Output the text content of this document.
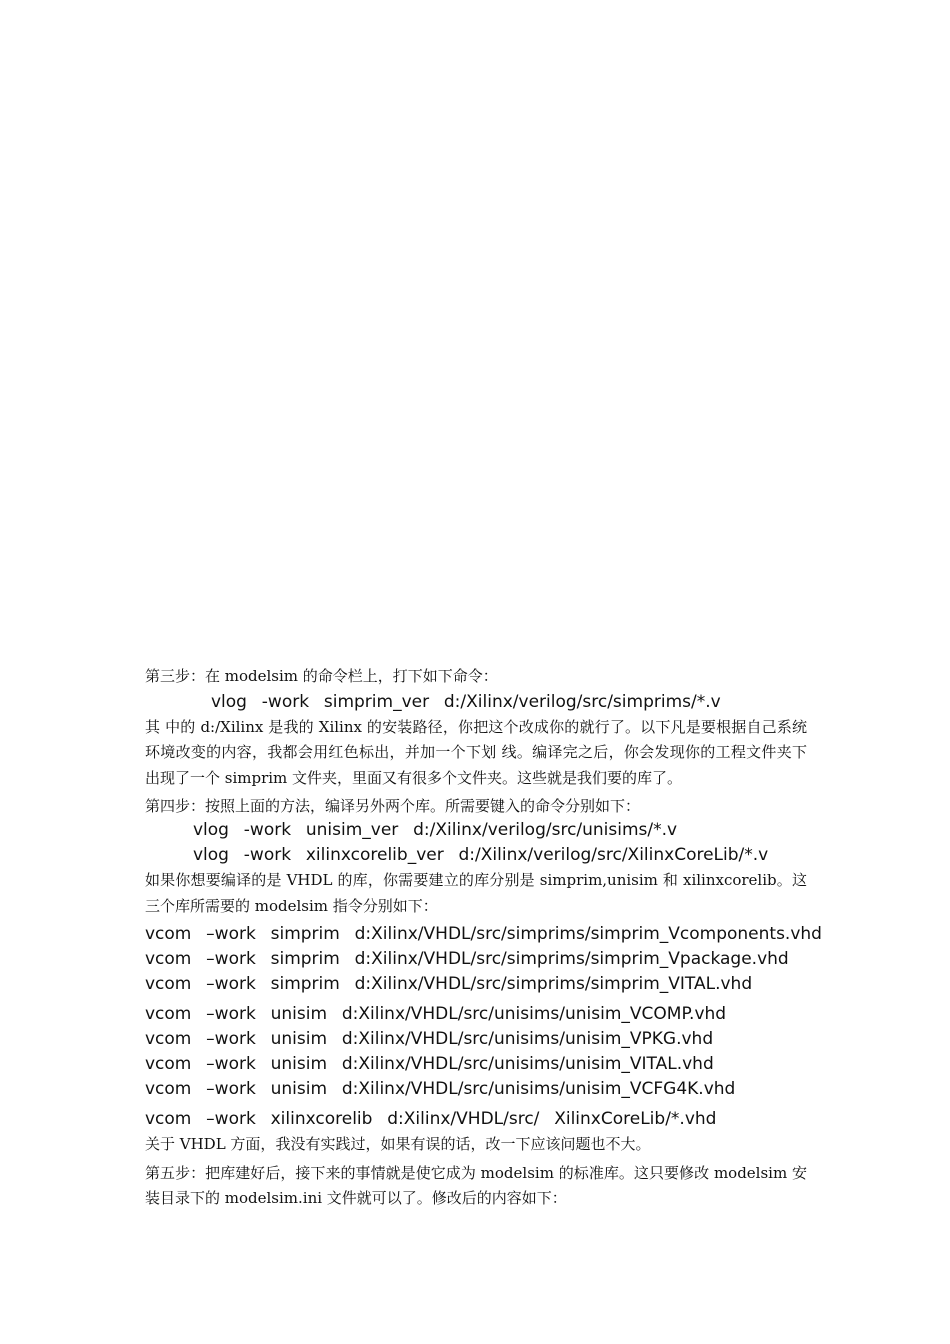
第三步：在 modelsim 的命令栏上，打下如下命令：

vlog  -work  simprim_ver  d:/Xilinx/verilog/src/simprims/*.v

其 中的 d:/Xilinx 是我的 Xilinx 的安装路径，你把这个改成你的就行了。以下凡是要根据自己系统环境改变的内容，我都会用红色标出，并加一个下划 线。编译完之后，你会发现你的工程文件夹下出现了一个 simprim 文件夹，里面又有很多个文件夹。这些就是我们要的库了。

第四步：按照上面的方法，编译另外两个库。所需要键入的命令分别如下：

vlog  -work  unisim_ver  d:/Xilinx/verilog/src/unisims/*.v

vlog  -work  xilinxcorelib_ver  d:/Xilinx/verilog/src/XilinxCoreLib/*.v

如果你想要编译的是 VHDL 的库，你需要建立的库分别是 simprim,unisim 和 xilinxcorelib。这三个库所需要的 modelsim 指令分别如下：

vcom  –work  simprim  d:Xilinx/VHDL/src/simprims/simprim_Vcomponents.vhd

vcom  –work  simprim  d:Xilinx/VHDL/src/simprims/simprim_Vpackage.vhd

vcom  –work  simprim  d:Xilinx/VHDL/src/simprims/simprim_VITAL.vhd

vcom  –work  unisim  d:Xilinx/VHDL/src/unisims/unisim_VCOMP.vhd

vcom  –work  unisim  d:Xilinx/VHDL/src/unisims/unisim_VPKG.vhd

vcom  –work  unisim  d:Xilinx/VHDL/src/unisims/unisim_VITAL.vhd

vcom  –work  unisim  d:Xilinx/VHDL/src/unisims/unisim_VCFG4K.vhd

vcom  –work  xilinxcorelib  d:Xilinx/VHDL/src/  XilinxCoreLib/*.vhd

关于 VHDL 方面，我没有实践过，如果有误的话，改一下应该问题也不大。

第五步：把库建好后，接下来的事情就是使它成为 modelsim 的标准库。这只要修改 modelsim 安装目录下的 modelsim.ini 文件就可以了。修改后的内容如下：
